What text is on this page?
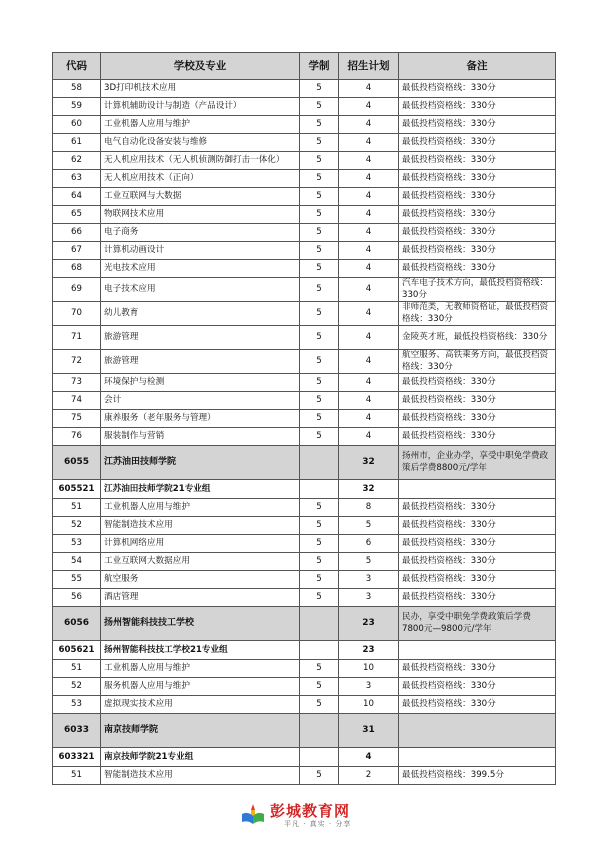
代码	学校及专业	学制	招生计划	备注
58	3D打印机技术应用	5	4	最低投档资格线：330分
59	计算机辅助设计与制造（产品设计）	5	4	最低投档资格线：330分
60	工业机器人应用与维护	5	4	最低投档资格线：330分
61	电气自动化设备安装与维修	5	4	最低投档资格线：330分
62	无人机应用技术（无人机侦测防御打击一体化）	5	4	最低投档资格线：330分
63	无人机应用技术（正向）	5	4	最低投档资格线：330分
64	工业互联网与大数据	5	4	最低投档资格线：330分
65	物联网技术应用	5	4	最低投档资格线：330分
66	电子商务	5	4	最低投档资格线：330分
67	计算机动画设计	5	4	最低投档资格线：330分
68	光电技术应用	5	4	最低投档资格线：330分
69	电子技术应用	5	4	汽车电子技术方向，最低投档资格线：330分
70	幼儿教育	5	4	非师范类，无教师资格证，最低投档资格线：330分
71	旅游管理	5	4	金陵英才班，最低投档资格线：330分
72	旅游管理	5	4	航空服务、高铁乘务方向，最低投档资格线：330分
73	环境保护与检测	5	4	最低投档资格线：330分
74	会计	5	4	最低投档资格线：330分
75	康养服务（老年服务与管理）	5	4	最低投档资格线：330分
76	服装制作与营销	5	4	最低投档资格线：330分
6055	江苏油田技师学院		32	扬州市，企业办学，享受中职免学费政策后学费8800元/学年
605521	江苏油田技师学院21专业组		32	
51	工业机器人应用与维护	5	8	最低投档资格线：330分
52	智能制造技术应用	5	5	最低投档资格线：330分
53	计算机网络应用	5	6	最低投档资格线：330分
54	工业互联网大数据应用	5	5	最低投档资格线：330分
55	航空服务	5	3	最低投档资格线：330分
56	酒店管理	5	3	最低投档资格线：330分
6056	扬州智能科技技工学校		23	民办，享受中职免学费政策后学费7800元—9800元/学年
605621	扬州智能科技技工学校21专业组		23	
51	工业机器人应用与维护	5	10	最低投档资格线：330分
52	服务机器人应用与维护	5	3	最低投档资格线：330分
53	虚拟现实技术应用	5	10	最低投档资格线：330分
6033	南京技师学院		31	
603321	南京技师学院21专业组		4	
51	智能制造技术应用	5	2	最低投档资格线：399.5分
彭城教育网
平凡 · 真实 · 分享
